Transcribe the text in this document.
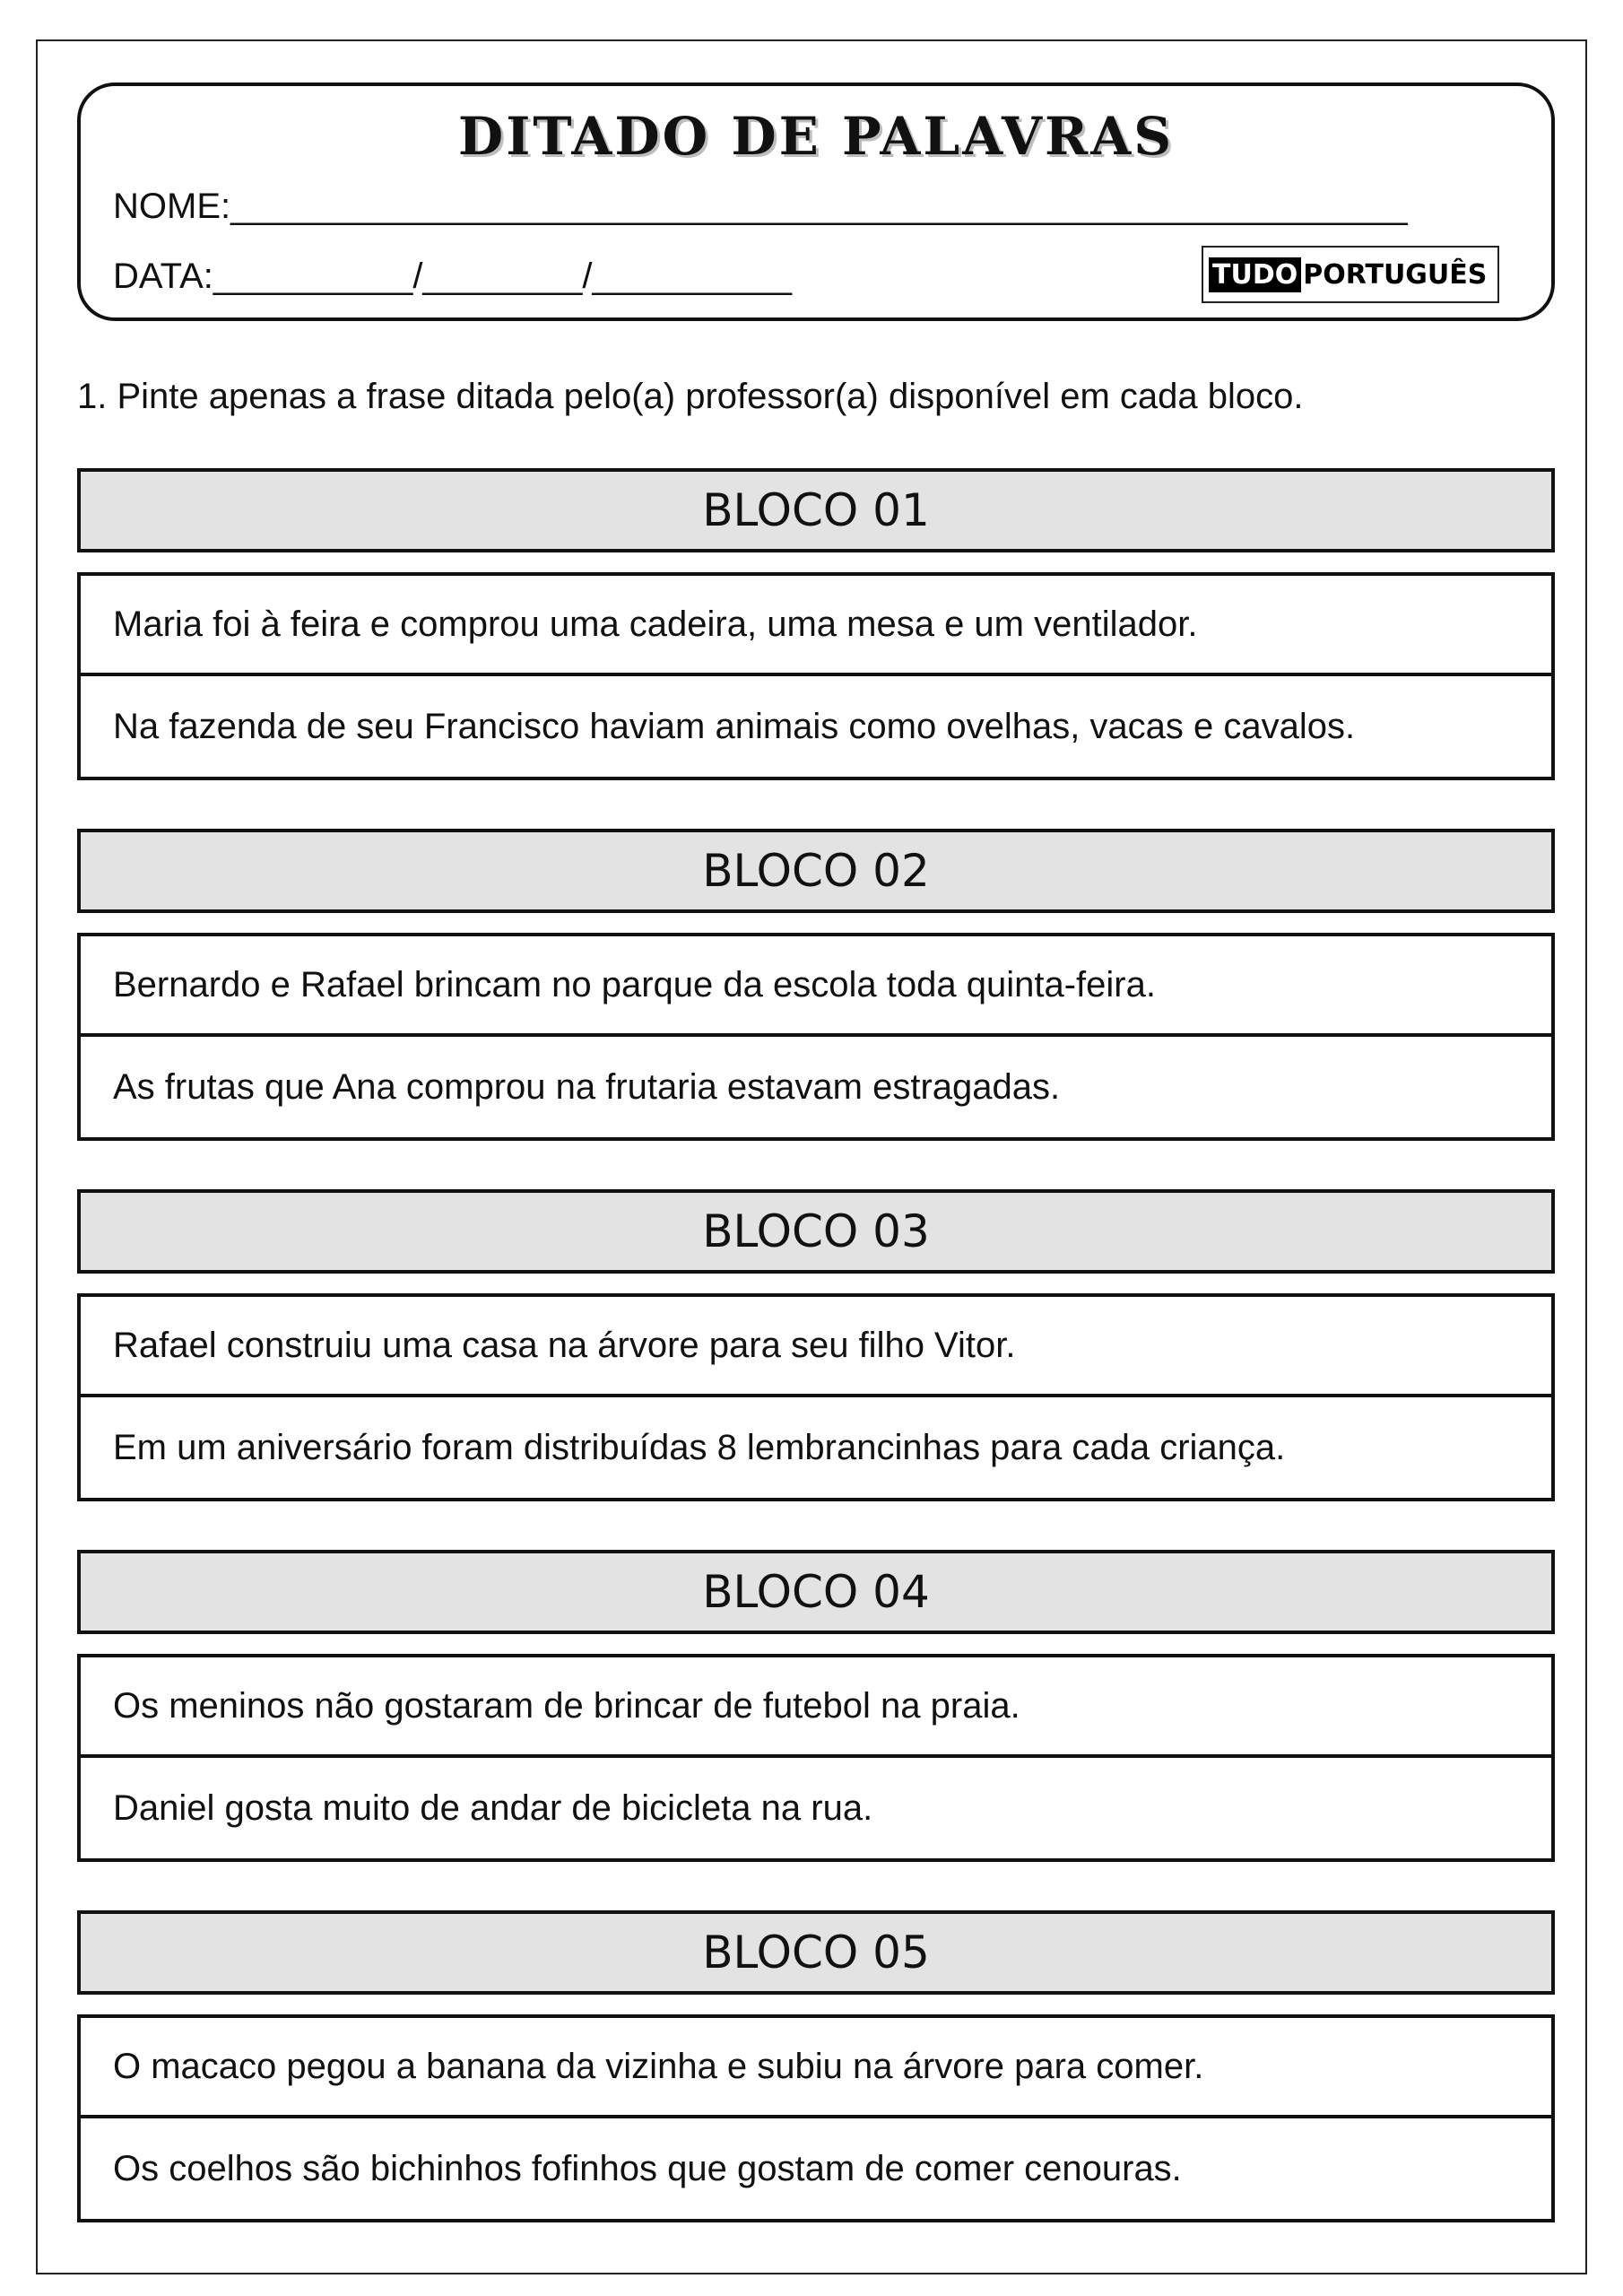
DITADO DE PALAVRAS
NOME:___________________________________________________________
DATA:__________/________/__________	TUDO PORTUGUÊS
1. Pinte apenas a frase ditada pelo(a) professor(a) disponível em cada bloco.
BLOCO 01
Maria foi à feira e comprou uma cadeira, uma mesa e um ventilador.
Na fazenda de seu Francisco haviam animais como ovelhas, vacas e cavalos.
BLOCO 02
Bernardo e Rafael brincam no parque da escola toda quinta-feira.
As frutas que Ana comprou na frutaria estavam estragadas.
BLOCO 03
Rafael construiu uma casa na árvore para seu filho Vitor.
Em um aniversário foram distribuídas 8 lembrancinhas para cada criança.
BLOCO 04
Os meninos não gostaram de brincar de futebol na praia.
Daniel gosta muito de andar de bicicleta na rua.
BLOCO 05
O macaco pegou a banana da vizinha e subiu na árvore para comer.
Os coelhos são bichinhos fofinhos que gostam de comer cenouras.
